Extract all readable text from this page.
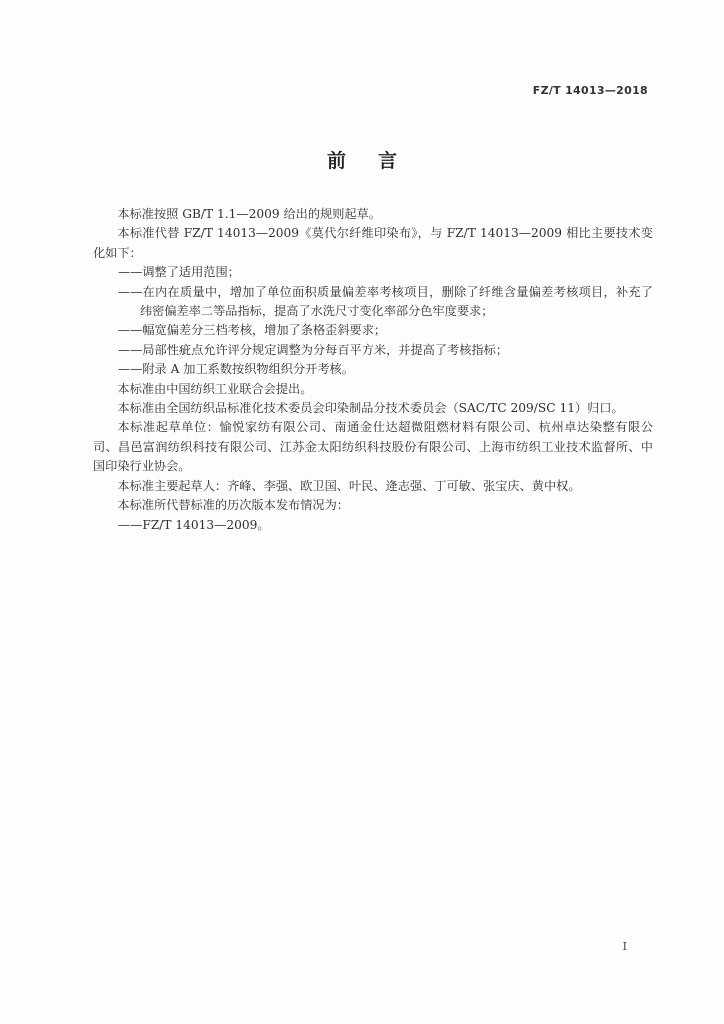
FZ/T 14013—2018
前言

本标准按照 GB/T 1.1—2009 给出的规则起草。

本标准代替 FZ/T 14013—2009《莫代尔纤维印染布》，与 FZ/T 14013—2009 相比主要技术变化如下：

——调整了适用范围；

——在内在质量中，增加了单位面积质量偏差率考核项目，删除了纤维含量偏差考核项目，补充了纬密偏差率二等品指标，提高了水洗尺寸变化率部分色牢度要求；

——幅宽偏差分三档考核，增加了条格歪斜要求；

——局部性疵点允许评分规定调整为分每百平方米，并提高了考核指标；

——附录 A 加工系数按织物组织分开考核。

本标准由中国纺织工业联合会提出。

本标准由全国纺织品标准化技术委员会印染制品分技术委员会（SAC/TC 209/SC 11）归口。

本标准起草单位：愉悦家纺有限公司、南通金仕达超微阻燃材料有限公司、杭州卓达染整有限公司、昌邑富润纺织科技有限公司、江苏金太阳纺织科技股份有限公司、上海市纺织工业技术监督所、中国印染行业协会。

本标准主要起草人：齐峰、李强、欧卫国、叶民、逄志强、丁可敏、张宝庆、黄中权。

本标准所代替标准的历次版本发布情况为：

——FZ/T 14013—2009。

I
